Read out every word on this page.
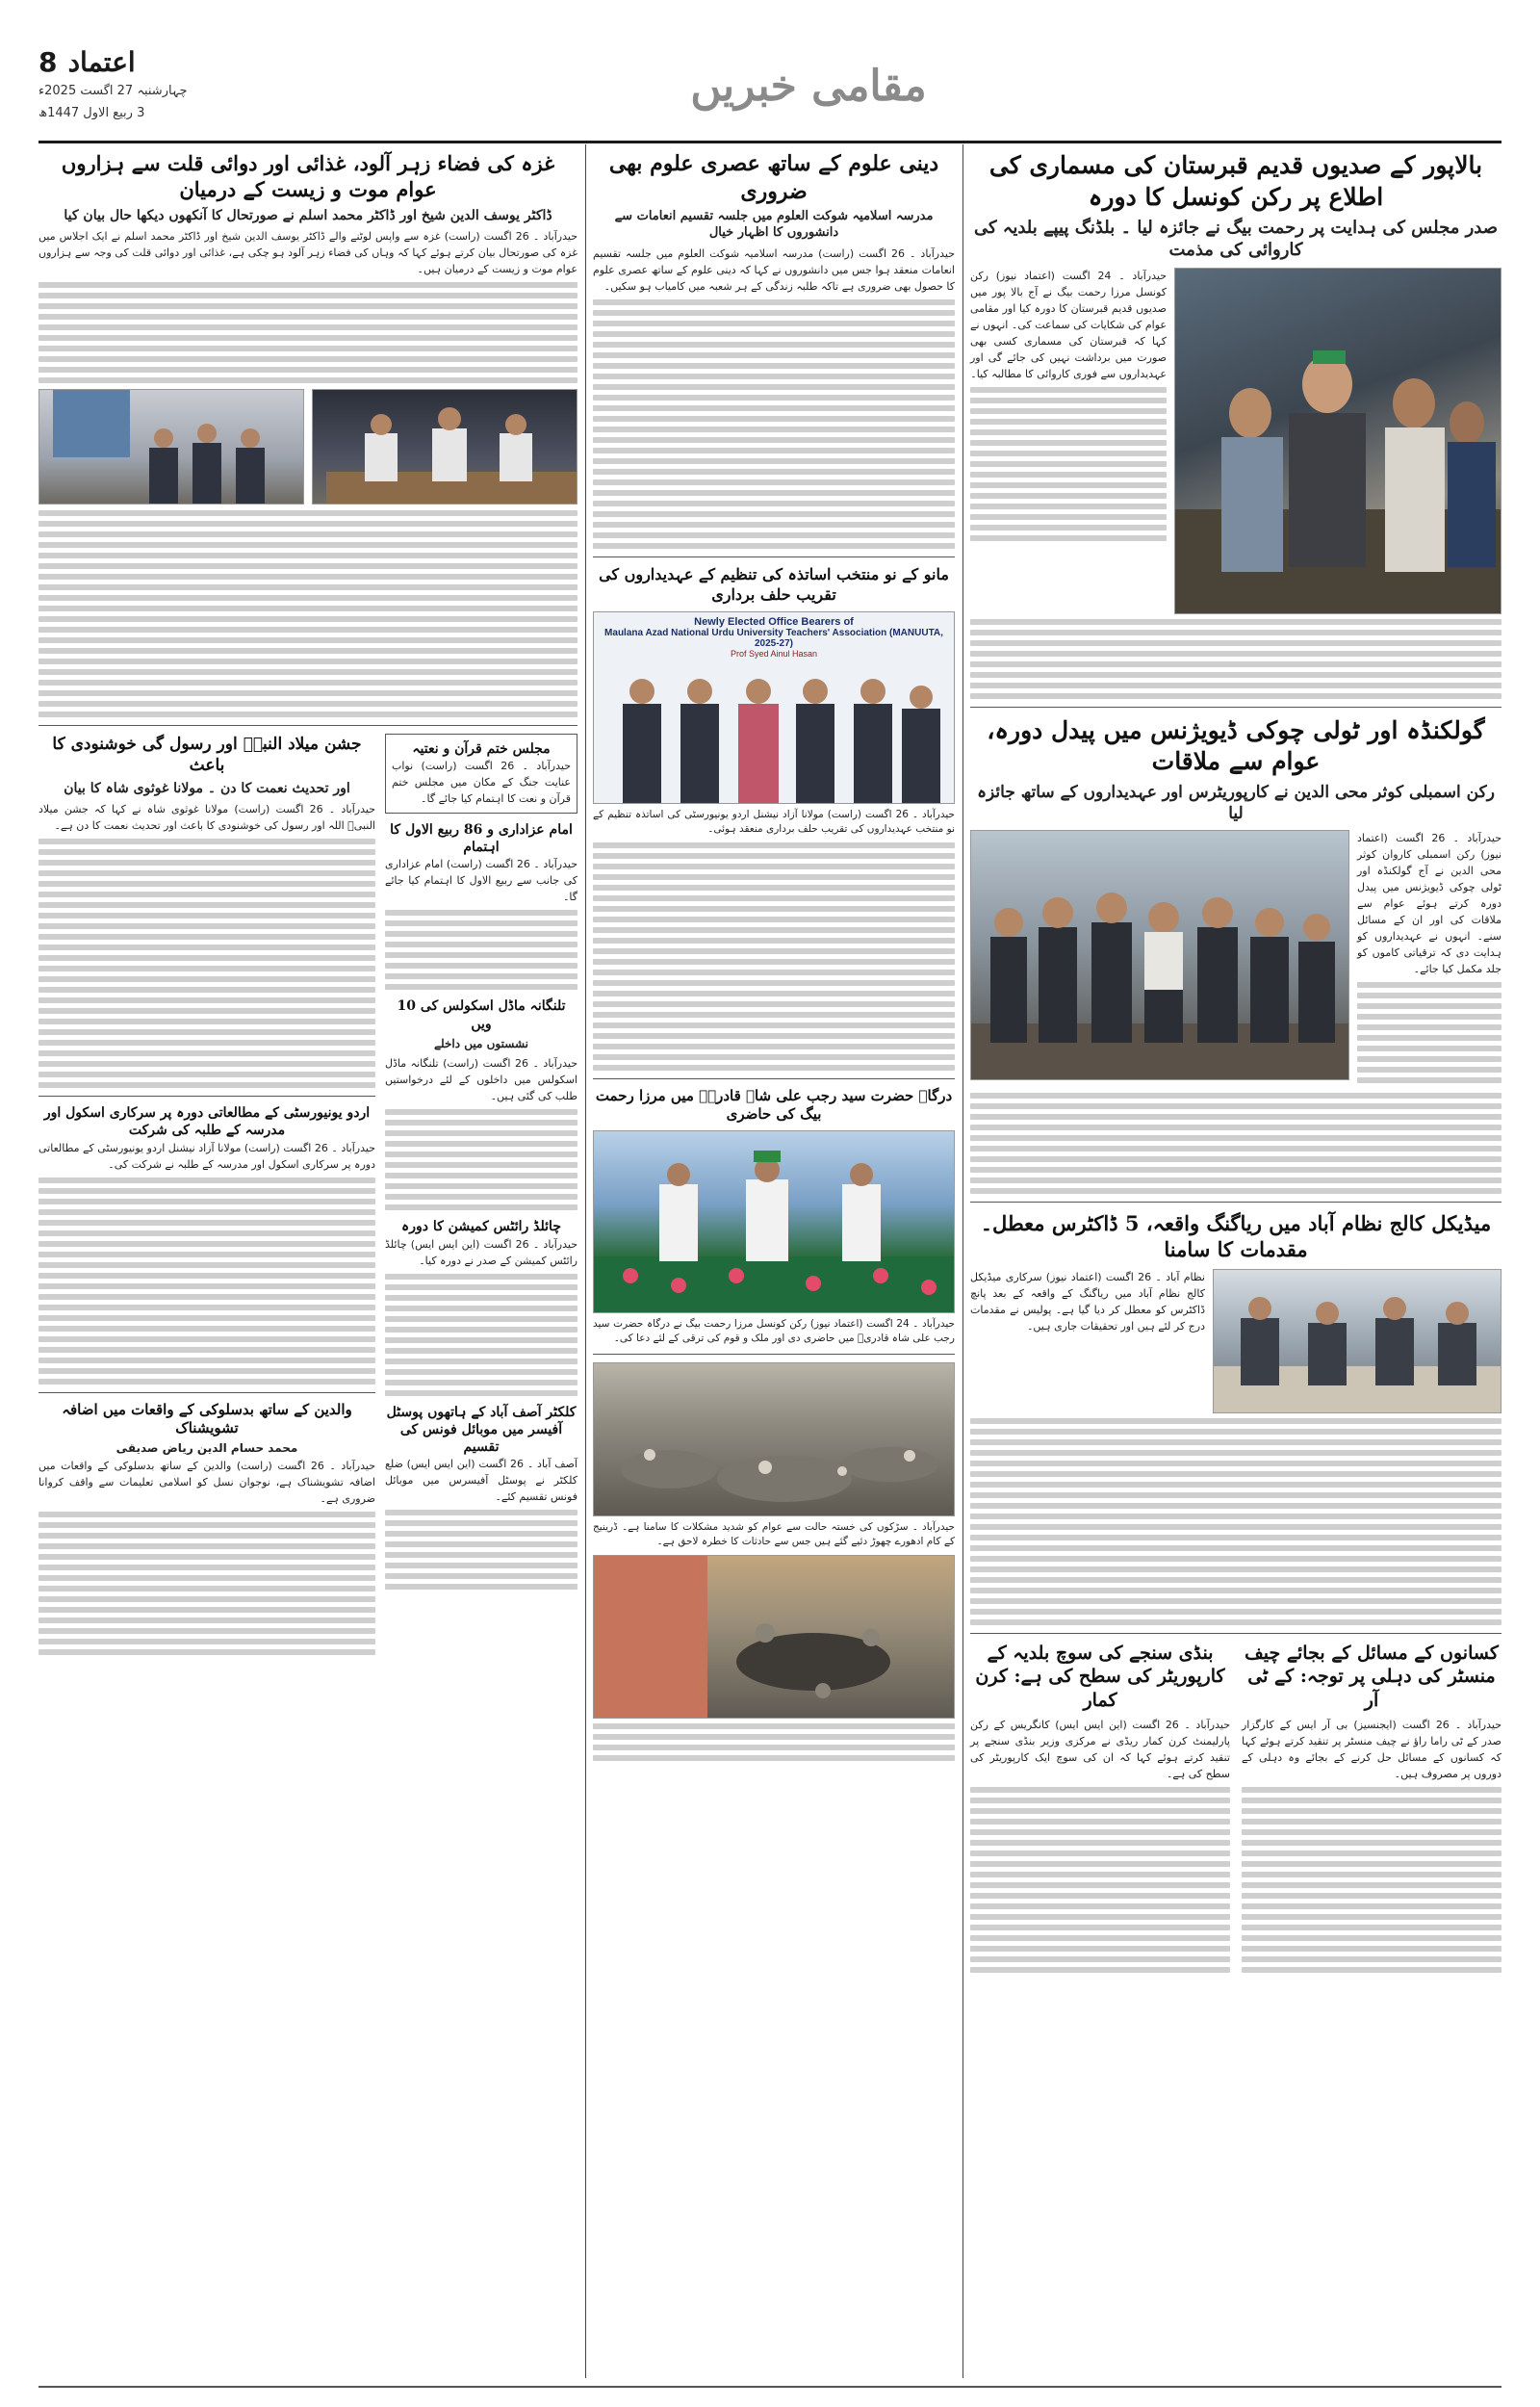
اعتماد 8
چہارشنبہ 27 اگست 2025ء
3 ربیع الاول 1447ھ
مقامی خبریں
بالاپور کے صدیوں قدیم قبرستان کی مسماری کی اطلاع پر رکن کونسل کا دورہ
صدر مجلس کی ہدایت پر رحمت بیگ نے جائزہ لیا ۔ بلڈنگ پیپے بلدیہ کی کاروائی کی مذمت

حیدرآباد ۔ 24 اگست (اعتماد نیوز) رکن کونسل مرزا رحمت بیگ نے آج بالا پور میں صدیوں قدیم قبرستان کا دورہ کیا اور مقامی عوام کی شکایات کی سماعت کی۔ انہوں نے کہا کہ قبرستان کی مسماری کسی بھی صورت میں برداشت نہیں کی جائے گی اور عہدیداروں سے فوری کاروائی کا مطالبہ کیا۔

گولکنڈہ اور ٹولی چوکی ڈیویژنس میں پیدل دورہ، عوام سے ملاقات
رکن اسمبلی کوثر محی الدین نے کارپوریٹرس اور عہدیداروں کے ساتھ جائزہ لیا

حیدرآباد ۔ 26 اگست (اعتماد نیوز) رکن اسمبلی کاروان کوثر محی الدین نے آج گولکنڈہ اور ٹولی چوکی ڈیویژنس میں پیدل دورہ کرتے ہوئے عوام سے ملاقات کی اور ان کے مسائل سنے۔ انہوں نے عہدیداروں کو ہدایت دی کہ ترقیاتی کاموں کو جلد مکمل کیا جائے۔

میڈیکل کالج نظام آباد میں ریاگنگ واقعہ، 5 ڈاکٹرس معطل۔ مقدمات کا سامنا

نظام آباد ۔ 26 اگست (اعتماد نیوز) سرکاری میڈیکل کالج نظام آباد میں ریاگنگ کے واقعہ کے بعد پانچ ڈاکٹرس کو معطل کر دیا گیا ہے۔ پولیس نے مقدمات درج کر لئے ہیں اور تحقیقات جاری ہیں۔

کسانوں کے مسائل کے بجائے چیف منسٹر کی دہلی پر توجہ: کے ٹی آر
حیدرآباد ۔ 26 اگست (ایجنسیز) بی آر ایس کے کارگزار صدر کے ٹی راما راؤ نے چیف منسٹر پر تنقید کرتے ہوئے کہا کہ کسانوں کے مسائل حل کرنے کے بجائے وہ دہلی کے دوروں پر مصروف ہیں۔
بنڈی سنجے کی سوچ بلدیہ کے کارپوریٹر کی سطح کی ہے: کرن کمار
حیدرآباد ۔ 26 اگست (این ایس ایس) کانگریس کے رکن پارلیمنٹ کرن کمار ریڈی نے مرکزی وزیر بنڈی سنجے پر تنقید کرتے ہوئے کہا کہ ان کی سوچ ایک کارپوریٹر کی سطح کی ہے۔
دینی علوم کے ساتھ عصری علوم بھی ضروری
مدرسہ اسلامیہ شوکت العلوم میں جلسہ تقسیم انعامات سے دانشوروں کا اظہار خیال
حیدرآباد ۔ 26 اگست (راست) مدرسہ اسلامیہ شوکت العلوم میں جلسہ تقسیم انعامات منعقد ہوا جس میں دانشوروں نے کہا کہ دینی علوم کے ساتھ عصری علوم کا حصول بھی ضروری ہے تاکہ طلبہ زندگی کے ہر شعبہ میں کامیاب ہو سکیں۔
مانو کے نو منتخب اساتذہ کی تنظیم کے عہدیداروں کی تقریب حلف برداری
Newly Elected Office Bearers of
Maulana Azad National Urdu University Teachers' Association (MANUUTA, 2025-27)
Prof Syed Ainul Hasan
حیدرآباد ۔ 26 اگست (راست) مولانا آزاد نیشنل اردو یونیورسٹی کی اساتذہ تنظیم کے نو منتخب عہدیداروں کی تقریب حلف برداری منعقد ہوئی۔
درگاہ حضرت سید رجب علی شاہ قادریؒ میں مرزا رحمت بیگ کی حاضری
حیدرآباد ۔ 24 اگست (اعتماد نیوز) رکن کونسل مرزا رحمت بیگ نے درگاہ حضرت سید رجب علی شاہ قادریؒ میں حاضری دی اور ملک و قوم کی ترقی کے لئے دعا کی۔
حیدرآباد ۔ سڑکوں کی خستہ حالت سے عوام کو شدید مشکلات کا سامنا ہے۔ ڈرینیج کے کام ادھورے چھوڑ دئیے گئے ہیں جس سے حادثات کا خطرہ لاحق ہے۔
غزہ کی فضاء زہر آلود، غذائی اور دوائی قلت سے ہزاروں عوام موت و زیست کے درمیان
ڈاکٹر یوسف الدین شیخ اور ڈاکٹر محمد اسلم نے صورتحال کا آنکھوں دیکھا حال بیان کیا
حیدرآباد ۔ 26 اگست (راست) غزہ سے واپس لوٹنے والے ڈاکٹر یوسف الدین شیخ اور ڈاکٹر محمد اسلم نے ایک اجلاس میں غزہ کی صورتحال بیان کرتے ہوئے کہا کہ وہاں کی فضاء زہر آلود ہو چکی ہے، غذائی اور دوائی قلت کی وجہ سے ہزاروں عوام موت و زیست کے درمیان ہیں۔
مجلس ختم قرآن و نعتیہ
حیدرآباد ۔ 26 اگست (راست) نواب عنایت جنگ کے مکان میں مجلس ختم قرآن و نعت کا اہتمام کیا جائے گا۔
امام عزاداری و 86 ربیع الاول کا اہتمام
حیدرآباد ۔ 26 اگست (راست) امام عزاداری کی جانب سے ربیع الاول کا اہتمام کیا جائے گا۔
تلنگانہ ماڈل اسکولس کی 10 ویں
نشستوں میں داخلے
حیدرآباد ۔ 26 اگست (راست) تلنگانہ ماڈل اسکولس میں داخلوں کے لئے درخواستیں طلب کی گئی ہیں۔
چائلڈ رائٹس کمیشن کا دورہ
حیدرآباد ۔ 26 اگست (این ایس ایس) چائلڈ رائٹس کمیشن کے صدر نے دورہ کیا۔
کلکٹر آصف آباد کے ہاتھوں پوسٹل آفیسر میں موبائل فونس کی تقسیم
آصف آباد ۔ 26 اگست (این ایس ایس) ضلع کلکٹر نے پوسٹل آفیسرس میں موبائل فونس تقسیم کئے۔
جشن میلاد النبیؐ اور رسول گی خوشنودی کا باعث
اور تحدیث نعمت کا دن ۔ مولانا غوثوی شاہ کا بیان
حیدرآباد ۔ 26 اگست (راست) مولانا غوثوی شاہ نے کہا کہ جشن میلاد النبیؐ اللہ اور رسول کی خوشنودی کا باعث اور تحدیث نعمت کا دن ہے۔
اردو یونیورسٹی کے مطالعاتی دورہ پر سرکاری اسکول اور مدرسہ کے طلبہ کی شرکت
حیدرآباد ۔ 26 اگست (راست) مولانا آزاد نیشنل اردو یونیورسٹی کے مطالعاتی دورہ پر سرکاری اسکول اور مدرسہ کے طلبہ نے شرکت کی۔
والدین کے ساتھ بدسلوکی کے واقعات میں اضافہ تشویشناک
محمد حسام الدین ریاض صدیقی
حیدرآباد ۔ 26 اگست (راست) والدین کے ساتھ بدسلوکی کے واقعات میں اضافہ تشویشناک ہے، نوجوان نسل کو اسلامی تعلیمات سے واقف کروانا ضروری ہے۔
